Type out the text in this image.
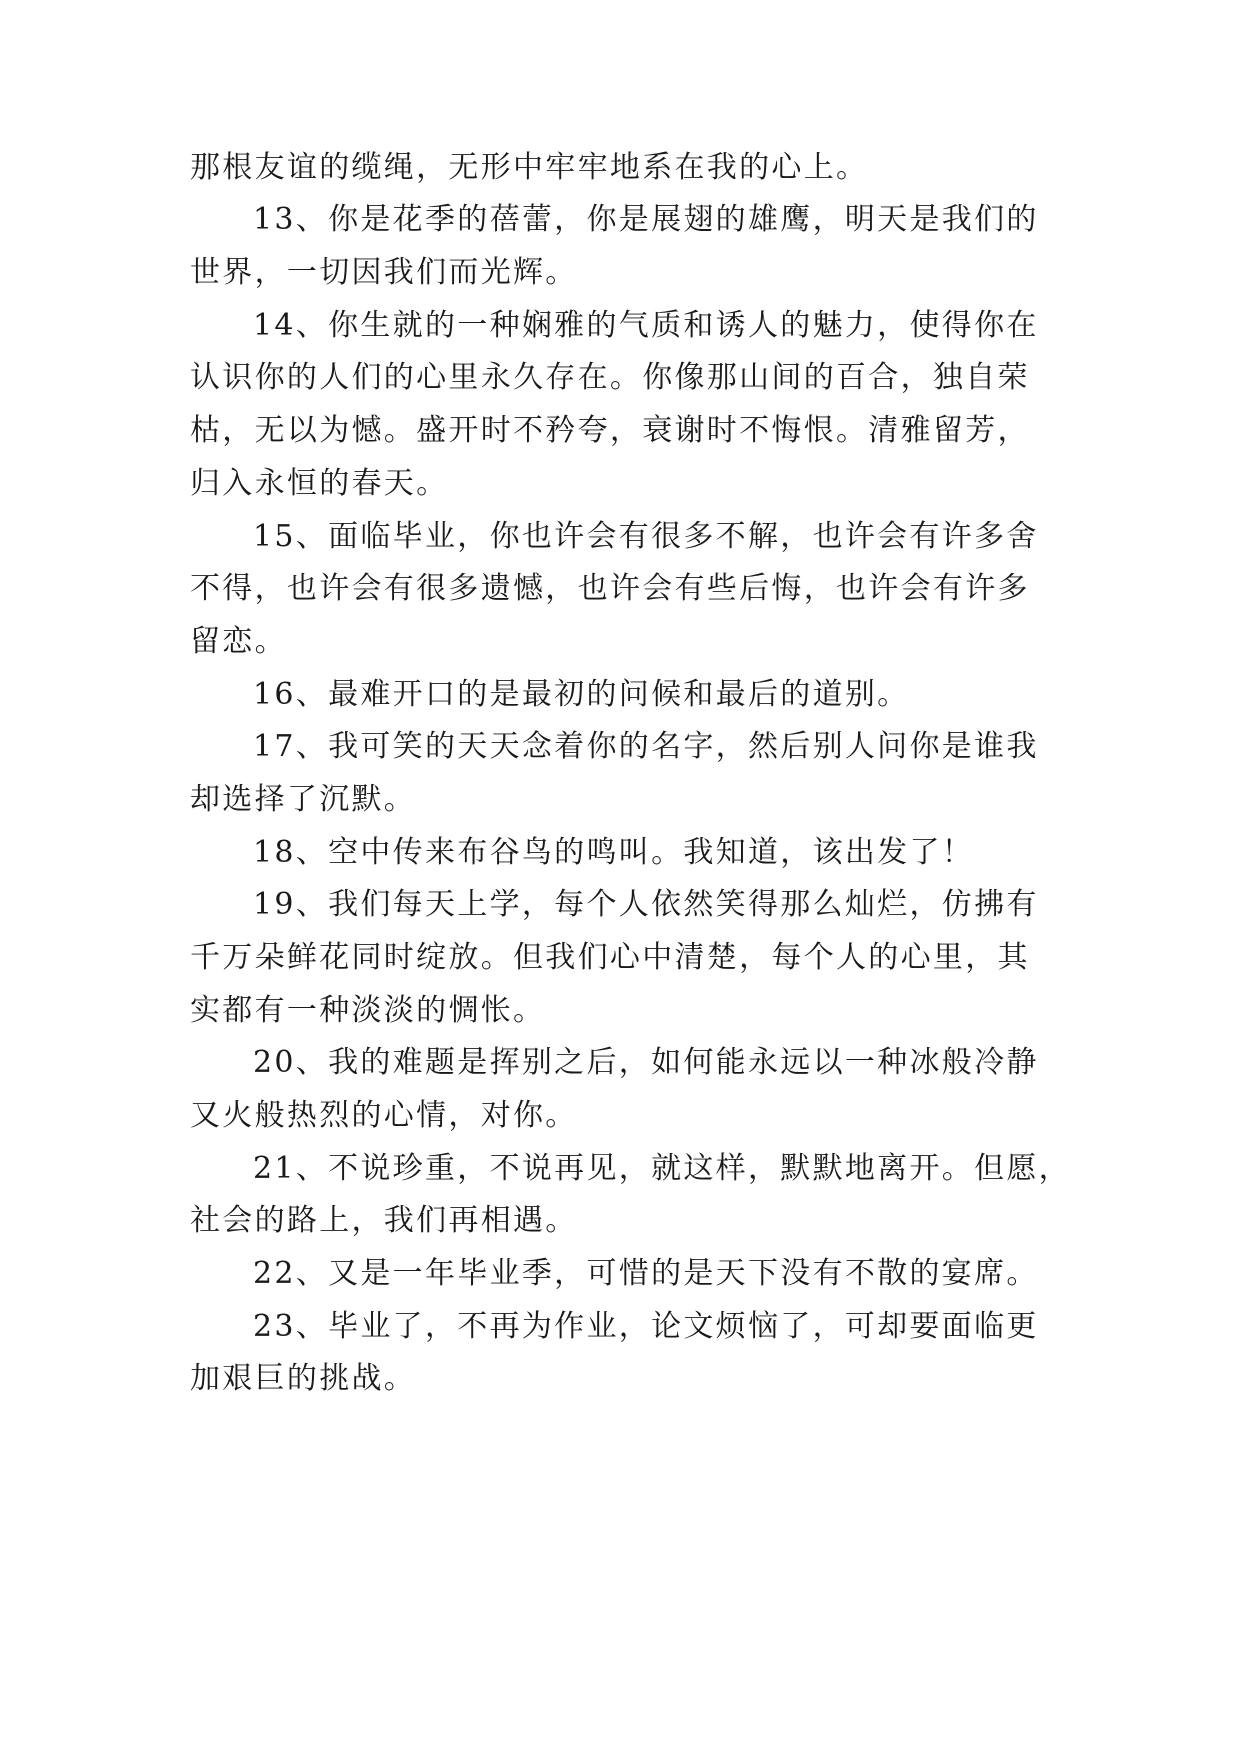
那根友谊的缆绳，无形中牢牢地系在我的心上。
13、你是花季的蓓蕾，你是展翅的雄鹰，明天是我们的
世界，一切因我们而光辉。
14、你生就的一种娴雅的气质和诱人的魅力，使得你在
认识你的人们的心里永久存在。你像那山间的百合，独自荣
枯，无以为憾。盛开时不矜夸，衰谢时不悔恨。清雅留芳，
归入永恒的春天。
15、面临毕业，你也许会有很多不解，也许会有许多舍
不得，也许会有很多遗憾，也许会有些后悔，也许会有许多
留恋。
16、最难开口的是最初的问候和最后的道别。
17、我可笑的天天念着你的名字，然后别人问你是谁我
却选择了沉默。
18、空中传来布谷鸟的鸣叫。我知道，该出发了！
19、我们每天上学，每个人依然笑得那么灿烂，仿拂有
千万朵鲜花同时绽放。但我们心中清楚，每个人的心里，其
实都有一种淡淡的惆怅。
20、我的难题是挥别之后，如何能永远以一种冰般冷静
又火般热烈的心情，对你。
21、不说珍重，不说再见，就这样，默默地离开。但愿，
社会的路上，我们再相遇。
22、又是一年毕业季，可惜的是天下没有不散的宴席。
23、毕业了，不再为作业，论文烦恼了，可却要面临更
加艰巨的挑战。
